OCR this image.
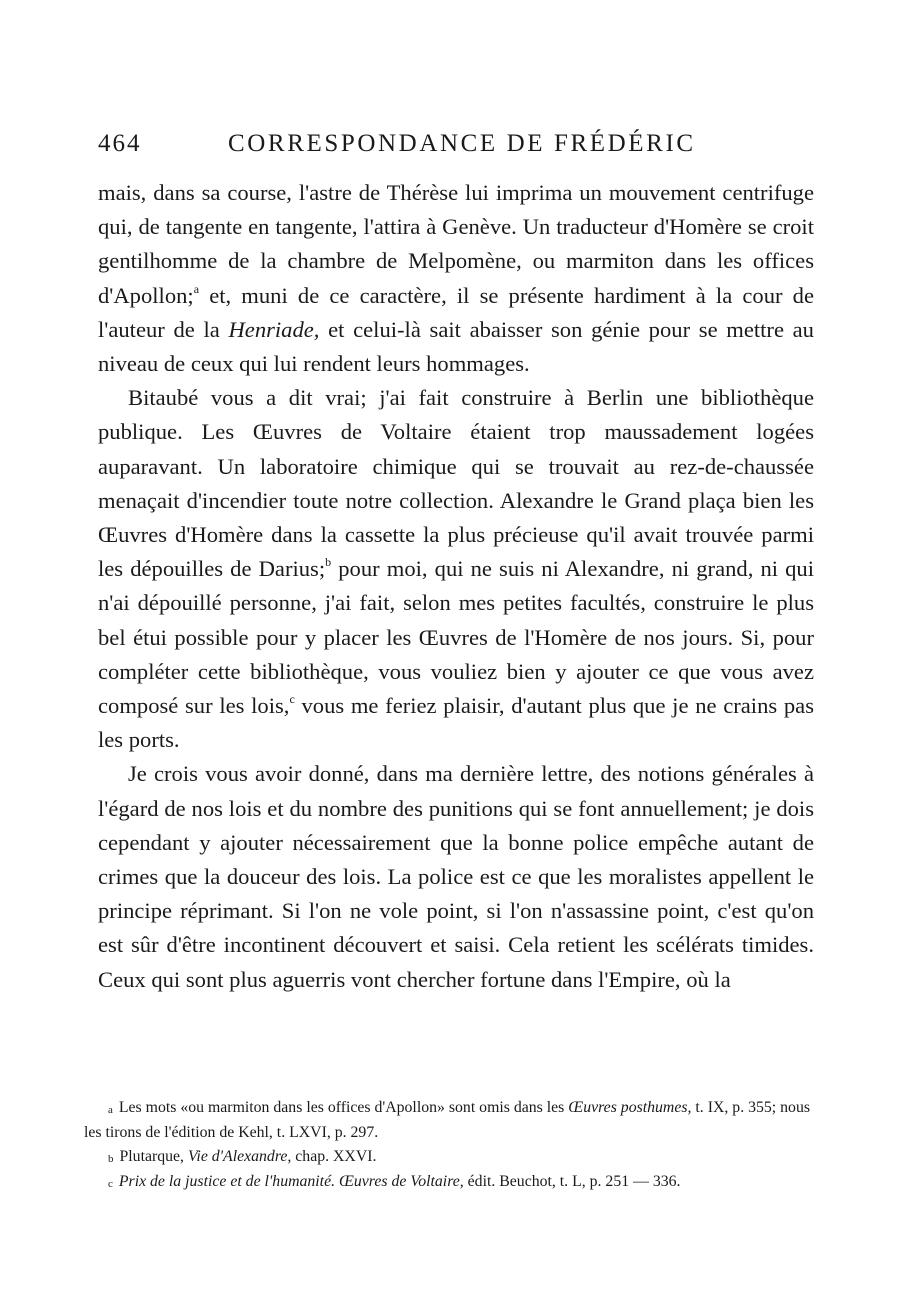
464	CORRESPONDANCE DE FRÉDÉRIC

mais, dans sa course, l'astre de Thérèse lui imprima un mouvement centrifuge qui, de tangente en tangente, l'attira à Genève. Un traducteur d'Homère se croit gentilhomme de la chambre de Melpomène, ou marmiton dans les offices d'Apollon;$^a$ et, muni de ce caractère, il se présente hardiment à la cour de l'auteur de la Henriade, et celui-là sait abaisser son génie pour se mettre au niveau de ceux qui lui rendent leurs hommages.

Bitaubé vous a dit vrai; j'ai fait construire à Berlin une bibliothèque publique. Les Œuvres de Voltaire étaient trop maussadement logées auparavant. Un laboratoire chimique qui se trouvait au rez-de-chaussée menaçait d'incendier toute notre collection. Alexandre le Grand plaça bien les Œuvres d'Homère dans la cassette la plus précieuse qu'il avait trouvée parmi les dépouilles de Darius;$^b$ pour moi, qui ne suis ni Alexandre, ni grand, ni qui n'ai dépouillé personne, j'ai fait, selon mes petites facultés, construire le plus bel étui possible pour y placer les Œuvres de l'Homère de nos jours. Si, pour compléter cette bibliothèque, vous vouliez bien y ajouter ce que vous avez composé sur les lois,$^c$ vous me feriez plaisir, d'autant plus que je ne crains pas les ports.

Je crois vous avoir donné, dans ma dernière lettre, des notions générales à l'égard de nos lois et du nombre des punitions qui se font annuellement; je dois cependant y ajouter nécessairement que la bonne police empêche autant de crimes que la douceur des lois. La police est ce que les moralistes appellent le principe réprimant. Si l'on ne vole point, si l'on n'assassine point, c'est qu'on est sûr d'être incontinent découvert et saisi. Cela retient les scélérats timides. Ceux qui sont plus aguerris vont chercher fortune dans l'Empire, où la

$^a$ Les mots «ou marmiton dans les offices d'Apollon» sont omis dans les Œuvres posthumes, t. IX, p. 355; nous les tirons de l'édition de Kehl, t. LXVI, p. 297.

$^b$ Plutarque, Vie d'Alexandre, chap. XXVI.

$^c$ Prix de la justice et de l'humanité. Œuvres de Voltaire, édit. Beuchot, t. L, p. 251 — 336.
